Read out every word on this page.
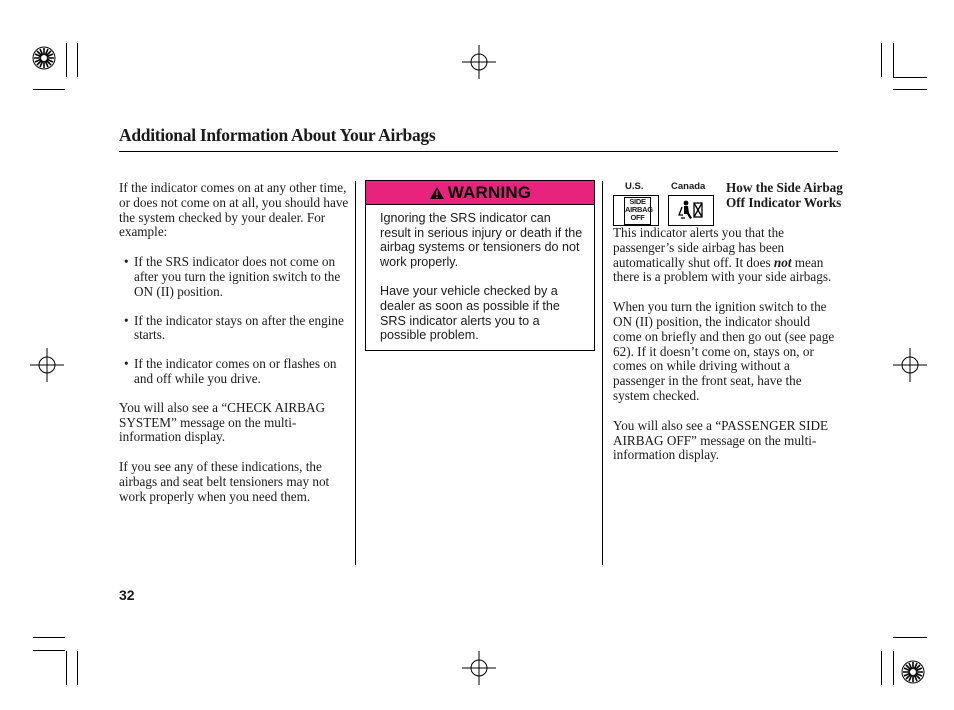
Additional Information About Your Airbags

If the indicator comes on at any other time, or does not come on at all, you should have the system checked by your dealer. For example:

• If the SRS indicator does not come on after you turn the ignition switch to the ON (II) position.
• If the indicator stays on after the engine starts.
• If the indicator comes on or flashes on and off while you drive.

You will also see a “CHECK AIRBAG SYSTEM” message on the multi-information display.

If you see any of these indications, the airbags and seat belt tensioners may not work properly when you need them.

WARNING

Ignoring the SRS indicator can result in serious injury or death if the airbag systems or tensioners do not work properly.

Have your vehicle checked by a dealer as soon as possible if the SRS indicator alerts you to a possible problem.

U.S.	Canada
SIDE
AIRBAG
OFF
How the Side Airbag Off Indicator Works

This indicator alerts you that the passenger’s side airbag has been automatically shut off. It does not mean there is a problem with your side airbags.

When you turn the ignition switch to the ON (II) position, the indicator should come on briefly and then go out (see page 62). If it doesn’t come on, stays on, or comes on while driving without a passenger in the front seat, have the system checked.

You will also see a “PASSENGER SIDE AIRBAG OFF” message on the multi-information display.

32
